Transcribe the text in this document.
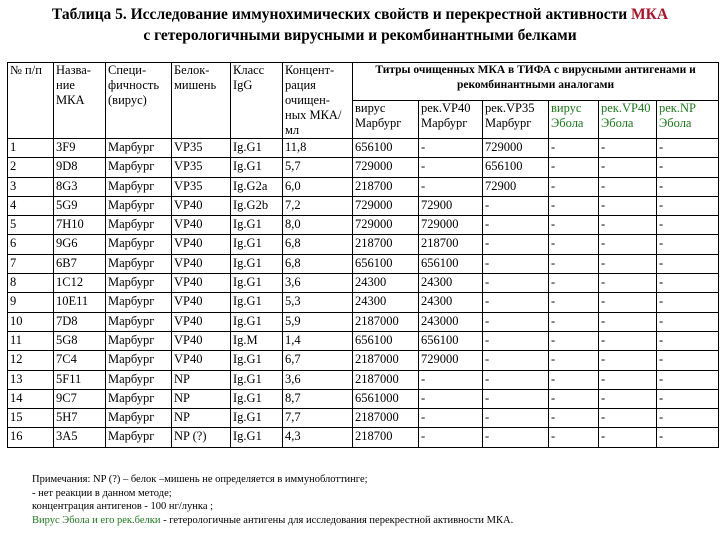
Таблица 5. Исследование иммунохимических свойств и перекрестной активности МКА
с гетерологичными вирусными и рекомбинантными белками
№ п/п	Назва-ние МКА	Специ-фичность (вирус)	Белок-мишень	Класс IgG	Концент-рация очищен-ных МКА/мл	Титры очищенных МКА в ТИФА с вирусными антигенами и рекомбинантными аналогами					
						вирус Марбург	рек.VP40 Марбург	рек.VP35 Марбург	вирус Эбола	рек.VP40 Эбола	рек.NP Эбола
1	3F9	Марбург	VP35	Ig.G1	11,8	656100	-	729000	-	-	-
2	9D8	Марбург	VP35	Ig.G1	5,7	729000	-	656100	-	-	-
3	8G3	Марбург	VP35	Ig.G2a	6,0	218700	-	72900	-	-	-
4	5G9	Марбург	VP40	Ig.G2b	7,2	729000	72900	-	-	-	-
5	7H10	Марбург	VP40	Ig.G1	8,0	729000	729000	-	-	-	-
6	9G6	Марбург	VP40	Ig.G1	6,8	218700	218700	-	-	-	-
7	6B7	Марбург	VP40	Ig.G1	6,8	656100	656100	-	-	-	-
8	1C12	Марбург	VP40	Ig.G1	3,6	24300	24300	-	-	-	-
9	10E11	Марбург	VP40	Ig.G1	5,3	24300	24300	-	-	-	-
10	7D8	Марбург	VP40	Ig.G1	5,9	2187000	243000	-	-	-	-
11	5G8	Марбург	VP40	Ig.M	1,4	656100	656100	-	-	-	-
12	7C4	Марбург	VP40	Ig.G1	6,7	2187000	729000	-	-	-	-
13	5F11	Марбург	NP	Ig.G1	3,6	2187000	-	-	-	-	-
14	9C7	Марбург	NP	Ig.G1	8,7	6561000	-	-	-	-	-
15	5H7	Марбург	NP	Ig.G1	7,7	2187000	-	-	-	-	-
16	3A5	Марбург	NP (?)	Ig.G1	4,3	218700	-	-	-	-	-
Примечания: NP (?) – белок –мишень не определяется в иммуноблоттинге;
- нет реакции в данном методе;
концентрация антигенов - 100 нг/лунка ;
Вирус Эбола и его рек.белки - гетерологичные антигены для исследования перекрестной активности МКА.
